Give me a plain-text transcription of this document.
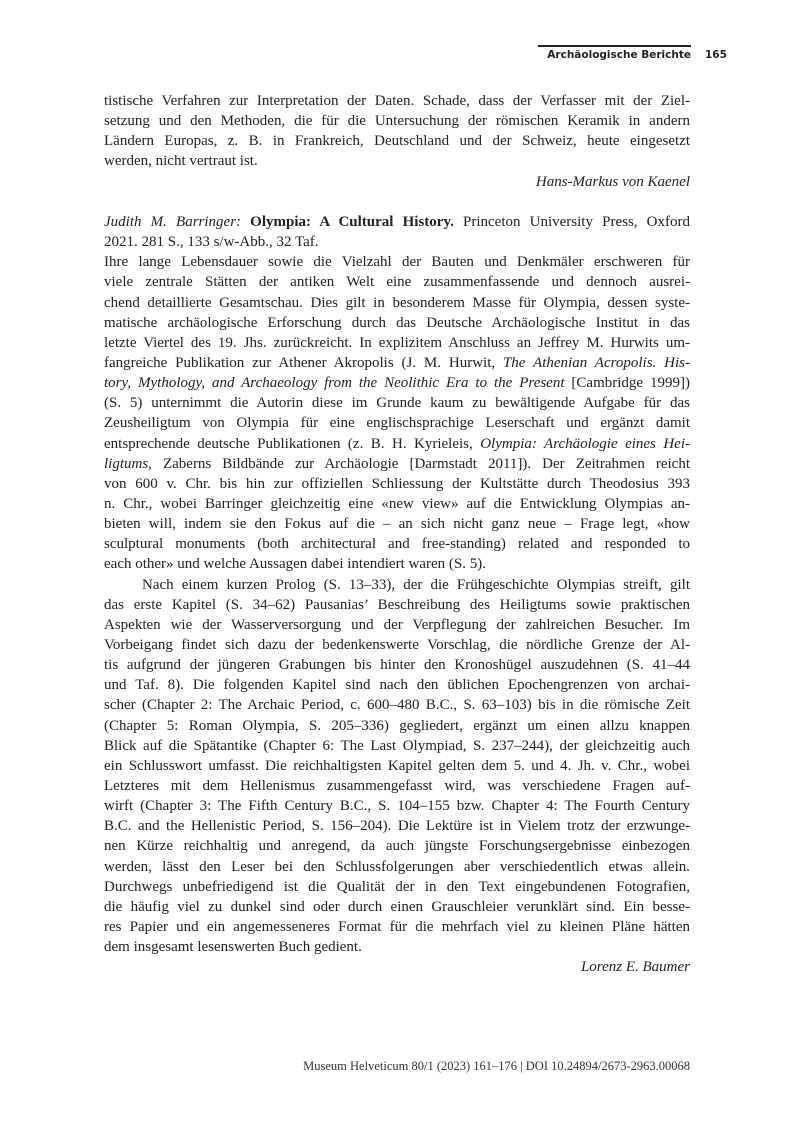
Archäologische Berichte 165
tistische Verfahren zur Interpretation der Daten. Schade, dass der Verfasser mit der Ziel-
setzung und den Methoden, die für die Untersuchung der römischen Keramik in andern
Ländern Europas, z. B. in Frankreich, Deutschland und der Schweiz, heute eingesetzt
werden, nicht vertraut ist.
Hans-Markus von Kaenel
Judith M. Barringer: Olympia: A Cultural History. Princeton University Press, Oxford
2021. 281 S., 133 s/w-Abb., 32 Taf.
Ihre lange Lebensdauer sowie die Vielzahl der Bauten und Denkmäler erschweren für
viele zentrale Stätten der antiken Welt eine zusammenfassende und dennoch ausrei-
chend detaillierte Gesamtschau. Dies gilt in besonderem Masse für Olympia, dessen syste-
matische archäologische Erforschung durch das Deutsche Archäologische Institut in das
letzte Viertel des 19. Jhs. zurückreicht. In explizitem Anschluss an Jeffrey M. Hurwits um-
fangreiche Publikation zur Athener Akropolis (J. M. Hurwit, The Athenian Acropolis. His-
tory, Mythology, and Archaeology from the Neolithic Era to the Present [Cambridge 1999])
(S. 5) unternimmt die Autorin diese im Grunde kaum zu bewältigende Aufgabe für das
Zeusheiligtum von Olympia für eine englischsprachige Leserschaft und ergänzt damit
entsprechende deutsche Publikationen (z. B. H. Kyrieleis, Olympia: Archäologie eines Hei-
ligtums, Zaberns Bildbände zur Archäologie [Darmstadt 2011]). Der Zeitrahmen reicht
von 600 v. Chr. bis hin zur offiziellen Schliessung der Kultstätte durch Theodosius 393
n. Chr., wobei Barringer gleichzeitig eine «new view» auf die Entwicklung Olympias an-
bieten will, indem sie den Fokus auf die – an sich nicht ganz neue – Frage legt, «how
sculptural monuments (both architectural and free-standing) related and responded to
each other» und welche Aussagen dabei intendiert waren (S. 5).
Nach einem kurzen Prolog (S. 13–33), der die Frühgeschichte Olympias streift, gilt
das erste Kapitel (S. 34–62) Pausanias’ Beschreibung des Heiligtums sowie praktischen
Aspekten wie der Wasserversorgung und der Verpflegung der zahlreichen Besucher. Im
Vorbeigang findet sich dazu der bedenkenswerte Vorschlag, die nördliche Grenze der Al-
tis aufgrund der jüngeren Grabungen bis hinter den Kronoshügel auszudehnen (S. 41–44
und Taf. 8). Die folgenden Kapitel sind nach den üblichen Epochengrenzen von archai-
scher (Chapter 2: The Archaic Period, c. 600–480 B.C., S. 63–103) bis in die römische Zeit
(Chapter 5: Roman Olympia, S. 205–336) gegliedert, ergänzt um einen allzu knappen
Blick auf die Spätantike (Chapter 6: The Last Olympiad, S. 237–244), der gleichzeitig auch
ein Schlusswort umfasst. Die reichhaltigsten Kapitel gelten dem 5. und 4. Jh. v. Chr., wobei
Letzteres mit dem Hellenismus zusammengefasst wird, was verschiedene Fragen auf-
wirft (Chapter 3: The Fifth Century B.C., S. 104–155 bzw. Chapter 4: The Fourth Century
B.C. and the Hellenistic Period, S. 156–204). Die Lektüre ist in Vielem trotz der erzwunge-
nen Kürze reichhaltig und anregend, da auch jüngste Forschungsergebnisse einbezogen
werden, lässt den Leser bei den Schlussfolgerungen aber verschiedentlich etwas allein.
Durchwegs unbefriedigend ist die Qualität der in den Text eingebundenen Fotografien,
die häufig viel zu dunkel sind oder durch einen Grauschleier verunklärt sind. Ein besse-
res Papier und ein angemesseneres Format für die mehrfach viel zu kleinen Pläne hätten
dem insgesamt lesenswerten Buch gedient.
Lorenz E. Baumer
Museum Helveticum 80/1 (2023) 161–176 | DOI 10.24894/2673-2963.00068
